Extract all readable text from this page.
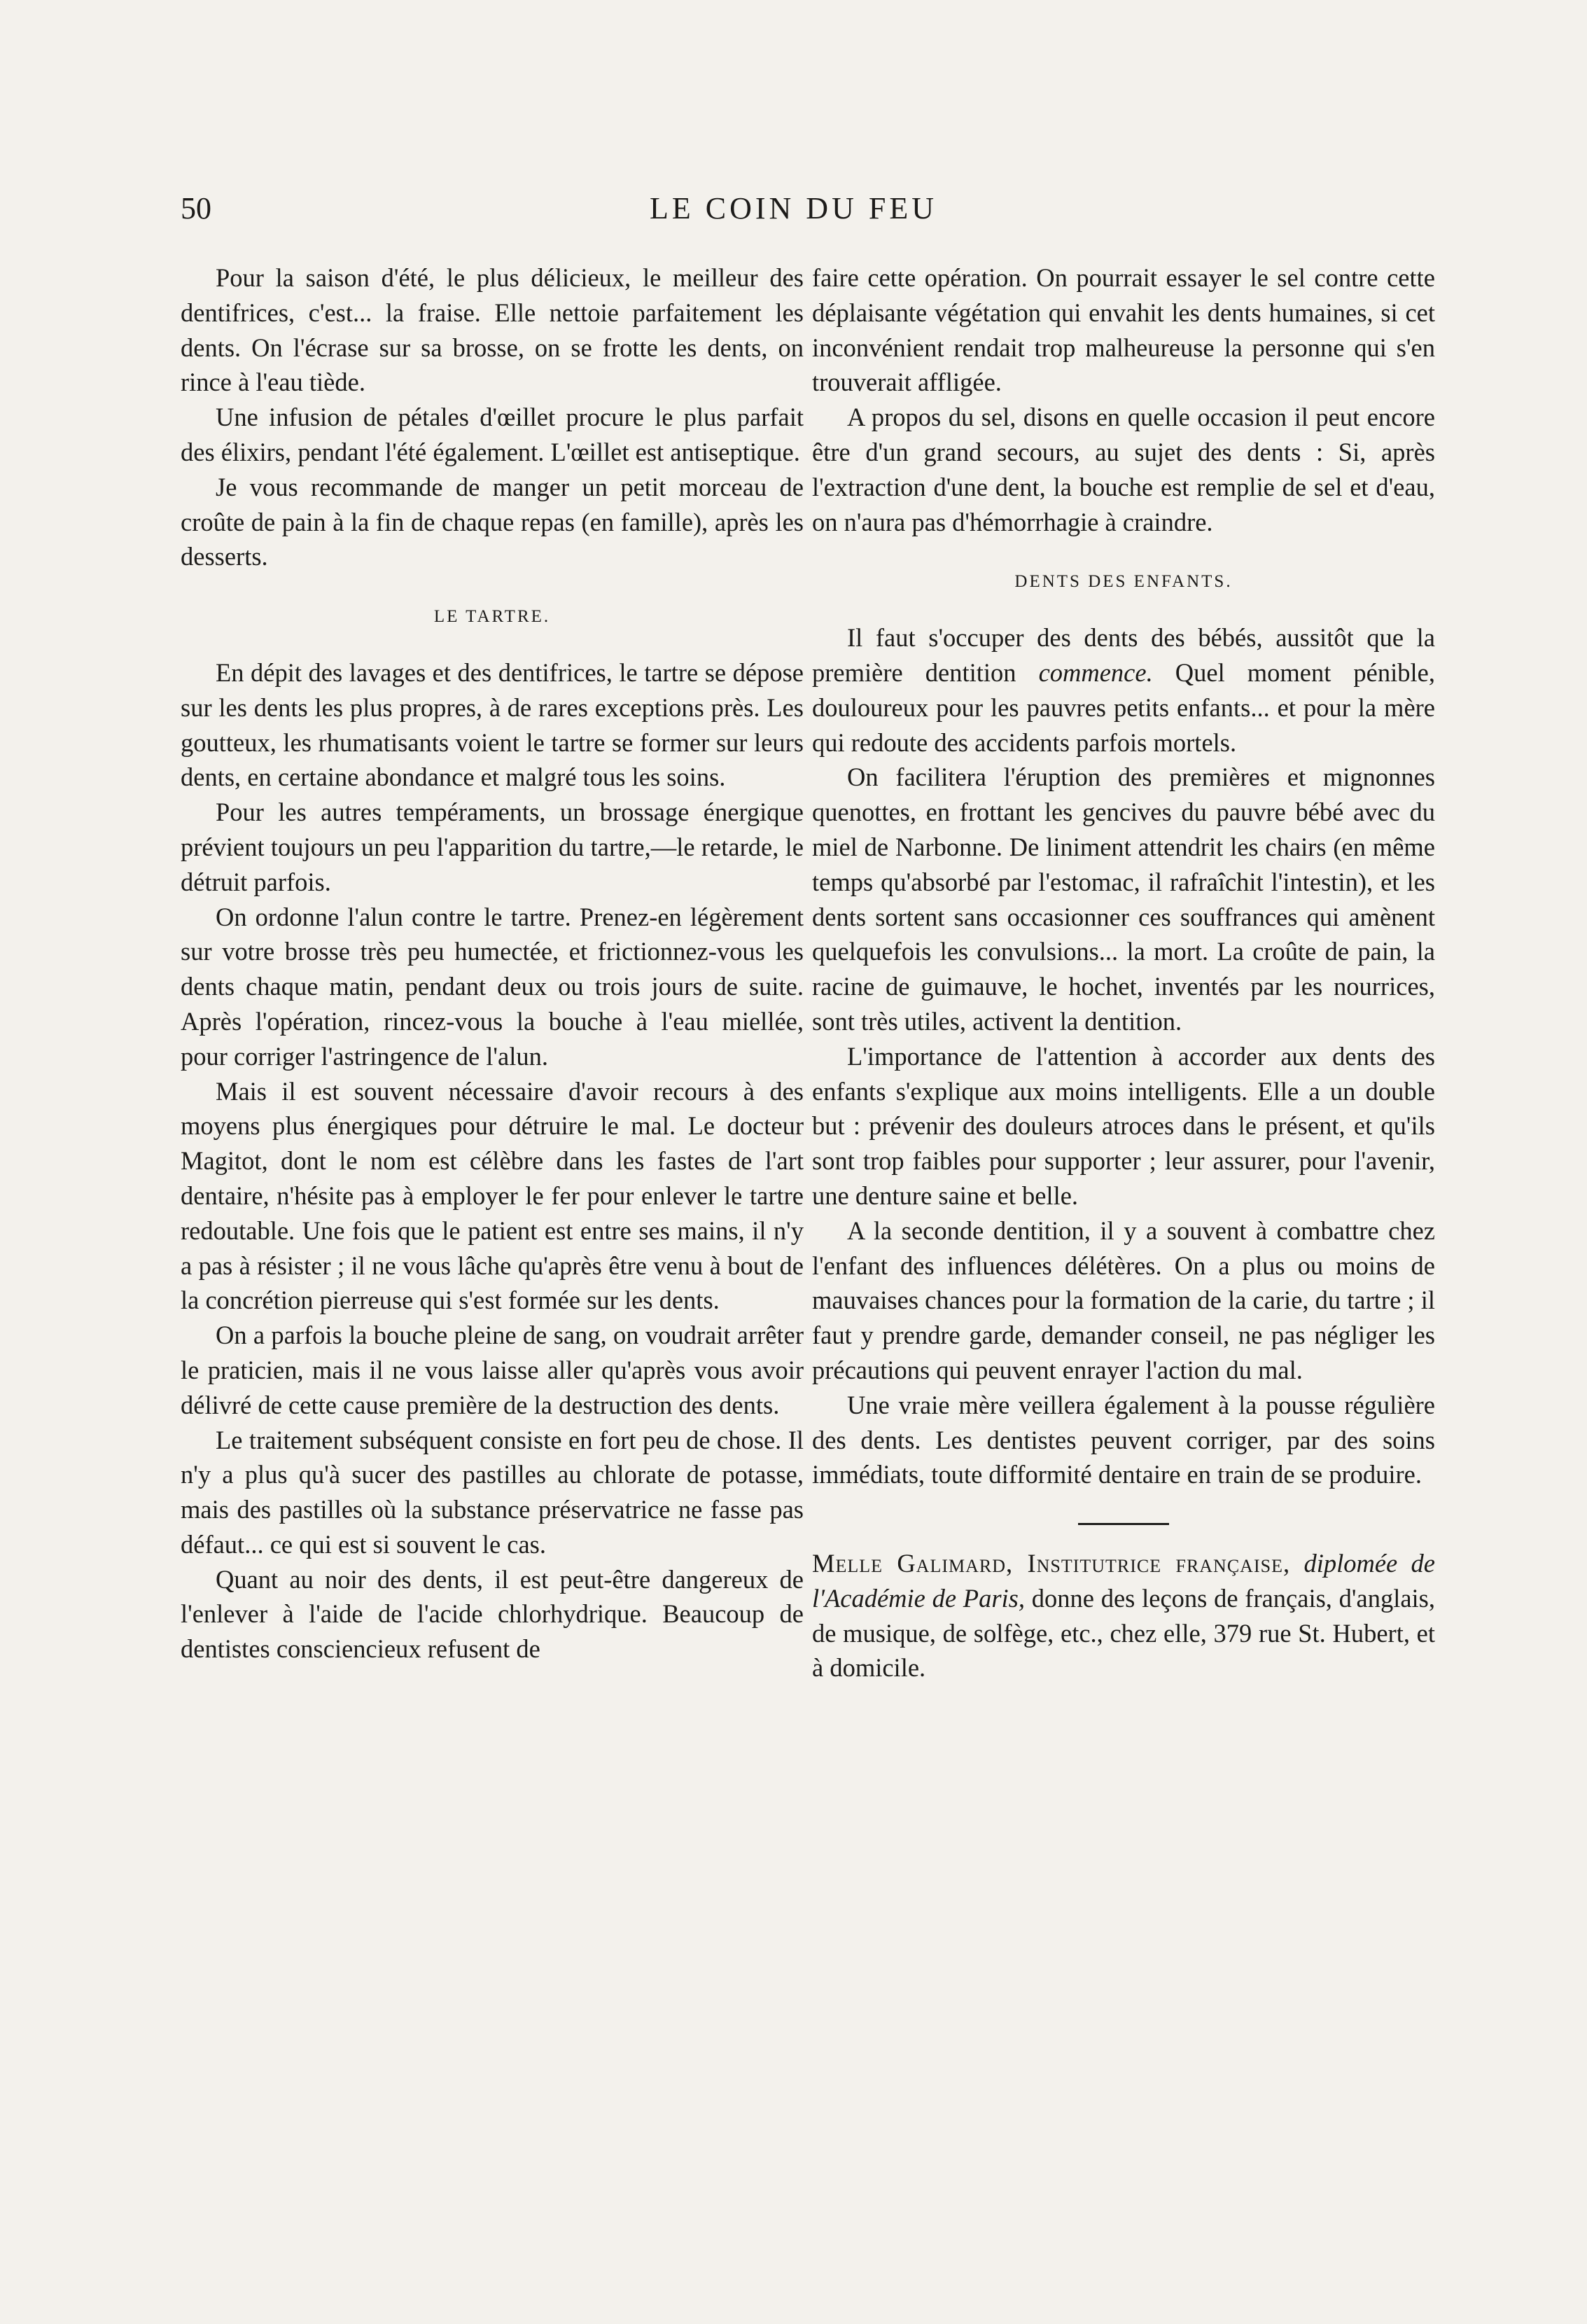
50	LE COIN DU FEU

Pour la saison d'été, le plus délicieux, le meilleur des dentifrices, c'est... la fraise. Elle nettoie parfaitement les dents. On l'écrase sur sa brosse, on se frotte les dents, on rince à l'eau tiède.

Une infusion de pétales d'œillet procure le plus parfait des élixirs, pendant l'été également. L'œillet est antiseptique.

Je vous recommande de manger un petit morceau de croûte de pain à la fin de chaque repas (en famille), après les desserts.

LE TARTRE.

En dépit des lavages et des dentifrices, le tartre se dépose sur les dents les plus propres, à de rares exceptions près. Les goutteux, les rhumatisants voient le tartre se former sur leurs dents, en certaine abondance et malgré tous les soins.

Pour les autres tempéraments, un brossage énergique prévient toujours un peu l'apparition du tartre,—le retarde, le détruit parfois.

On ordonne l'alun contre le tartre. Prenez-en légèrement sur votre brosse très peu humectée, et frictionnez-vous les dents chaque matin, pendant deux ou trois jours de suite. Après l'opération, rincez-vous la bouche à l'eau miellée, pour corriger l'astringence de l'alun.

Mais il est souvent nécessaire d'avoir recours à des moyens plus énergiques pour détruire le mal. Le docteur Magitot, dont le nom est célèbre dans les fastes de l'art dentaire, n'hésite pas à employer le fer pour enlever le tartre redoutable. Une fois que le patient est entre ses mains, il n'y a pas à résister ; il ne vous lâche qu'après être venu à bout de la concrétion pierreuse qui s'est formée sur les dents.

On a parfois la bouche pleine de sang, on voudrait arrêter le praticien, mais il ne vous laisse aller qu'après vous avoir délivré de cette cause première de la destruction des dents.

Le traitement subséquent consiste en fort peu de chose. Il n'y a plus qu'à sucer des pastilles au chlorate de potasse, mais des pastilles où la substance préservatrice ne fasse pas défaut... ce qui est si souvent le cas.

Quant au noir des dents, il est peut-être dangereux de l'enlever à l'aide de l'acide chlorhydrique. Beaucoup de dentistes consciencieux refusent de

faire cette opération. On pourrait essayer le sel contre cette déplaisante végétation qui envahit les dents humaines, si cet inconvénient rendait trop malheureuse la personne qui s'en trouverait affligée.

A propos du sel, disons en quelle occasion il peut encore être d'un grand secours, au sujet des dents : Si, après l'extraction d'une dent, la bouche est remplie de sel et d'eau, on n'aura pas d'hémorrhagie à craindre.

DENTS DES ENFANTS.

Il faut s'occuper des dents des bébés, aussitôt que la première dentition commence. Quel moment pénible, douloureux pour les pauvres petits enfants... et pour la mère qui redoute des accidents parfois mortels.

On facilitera l'éruption des premières et mignonnes quenottes, en frottant les gencives du pauvre bébé avec du miel de Narbonne. De liniment attendrit les chairs (en même temps qu'absorbé par l'estomac, il rafraîchit l'intestin), et les dents sortent sans occasionner ces souffrances qui amènent quelquefois les convulsions... la mort. La croûte de pain, la racine de guimauve, le hochet, inventés par les nourrices, sont très utiles, activent la dentition.

L'importance de l'attention à accorder aux dents des enfants s'explique aux moins intelligents. Elle a un double but : prévenir des douleurs atroces dans le présent, et qu'ils sont trop faibles pour supporter ; leur assurer, pour l'avenir, une denture saine et belle.

A la seconde dentition, il y a souvent à combattre chez l'enfant des influences délétères. On a plus ou moins de mauvaises chances pour la formation de la carie, du tartre ; il faut y prendre garde, demander conseil, ne pas négliger les précautions qui peuvent enrayer l'action du mal.

Une vraie mère veillera également à la pousse régulière des dents. Les dentistes peuvent corriger, par des soins immédiats, toute difformité dentaire en train de se produire.

Melle Galimard, Institutrice française, diplomée de l'Académie de Paris, donne des leçons de français, d'anglais, de musique, de solfège, etc., chez elle, 379 rue St. Hubert, et à domicile.
